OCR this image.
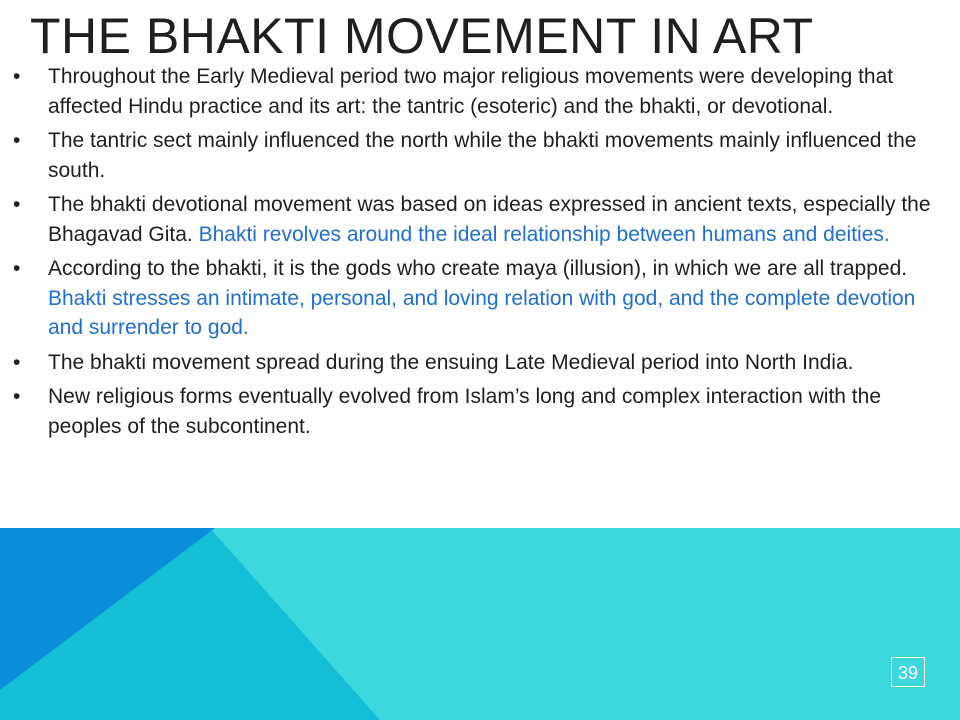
THE BHAKTI MOVEMENT IN ART
•	Throughout the Early Medieval period two major religious movements were developing that affected Hindu practice and its art: the tantric (esoteric) and the bhakti, or devotional.
•	The tantric sect mainly influenced the north while the bhakti movements mainly influenced the south.
•	The bhakti devotional movement was based on ideas expressed in ancient texts, especially the Bhagavad Gita. Bhakti revolves around the ideal relationship between humans and deities.
•	According to the bhakti, it is the gods who create maya (illusion), in which we are all trapped. Bhakti stresses an intimate, personal, and loving relation with god, and the complete devotion and surrender to god.
•	The bhakti movement spread during the ensuing Late Medieval period into North India.
•	New religious forms eventually evolved from Islam’s long and complex interaction with the peoples of the subcontinent.
39
